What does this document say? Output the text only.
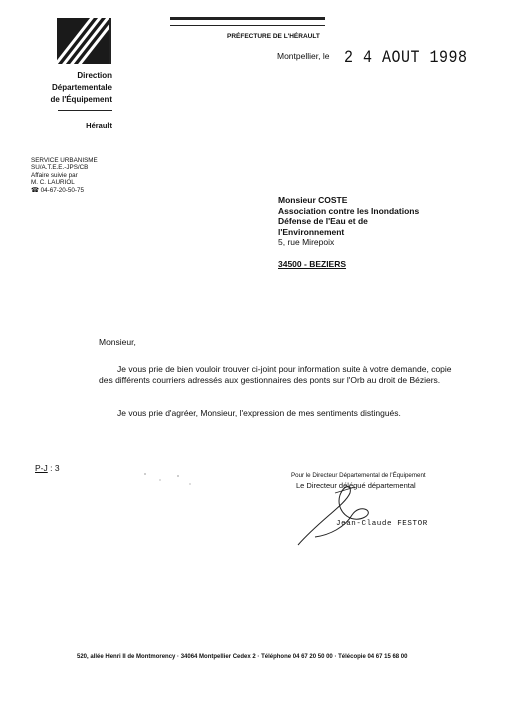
Direction
Départementale
de l'Équipement
Hérault
PRÉFECTURE DE L'HÉRAULT
Montpellier, le 2 4 AOUT 1998
SERVICE URBANISME
SU/A.T.E.E.-JPS/CB
Affaire suivie par
M. C. LAURIOL
☎ 04-67-20-50-75
Monsieur COSTE
Association contre les Inondations
Défense de l'Eau et de
l'Environnement
5, rue Mirepoix
34500 - BEZIERS
Monsieur,
Je vous prie de bien vouloir trouver ci-joint pour information suite à votre demande, copie des différents courriers adressés aux gestionnaires des ponts sur l'Orb au droit de Béziers.
Je vous prie d'agréer, Monsieur, l'expression de mes sentiments distingués.
P-J : 3
Pour le Directeur Départemental de l'Équipement
Le Directeur délégué départemental
Jean-Claude FESTOR
520, allée Henri II de Montmorency · 34064 Montpellier Cedex 2 · Téléphone 04 67 20 50 00 · Télécopie 04 67 15 68 00
